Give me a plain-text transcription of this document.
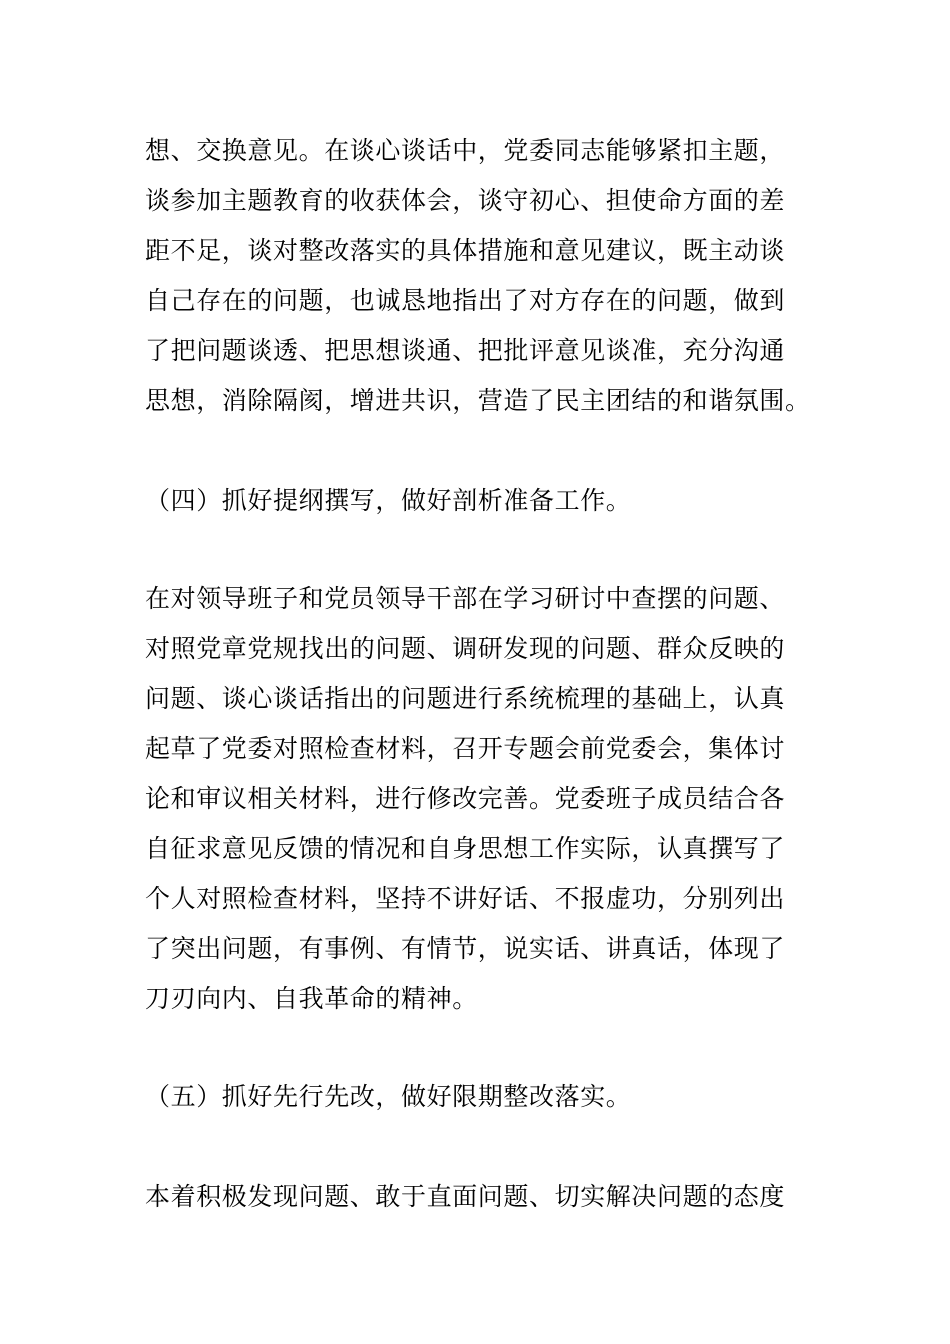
想、交换意见。在谈心谈话中，党委同志能够紧扣主题，
谈参加主题教育的收获体会，谈守初心、担使命方面的差
距不足，谈对整改落实的具体措施和意见建议，既主动谈
自己存在的问题，也诚恳地指出了对方存在的问题，做到
了把问题谈透、把思想谈通、把批评意见谈准，充分沟通
思想，消除隔阂，增进共识，营造了民主团结的和谐氛围。
（四）抓好提纲撰写，做好剖析准备工作。
在对领导班子和党员领导干部在学习研讨中查摆的问题、
对照党章党规找出的问题、调研发现的问题、群众反映的
问题、谈心谈话指出的问题进行系统梳理的基础上，认真
起草了党委对照检查材料，召开专题会前党委会，集体讨
论和审议相关材料，进行修改完善。党委班子成员结合各
自征求意见反馈的情况和自身思想工作实际，认真撰写了
个人对照检查材料，坚持不讲好话、不报虚功，分别列出
了突出问题，有事例、有情节，说实话、讲真话，体现了
刀刃向内、自我革命的精神。
（五）抓好先行先改，做好限期整改落实。
本着积极发现问题、敢于直面问题、切实解决问题的态度
